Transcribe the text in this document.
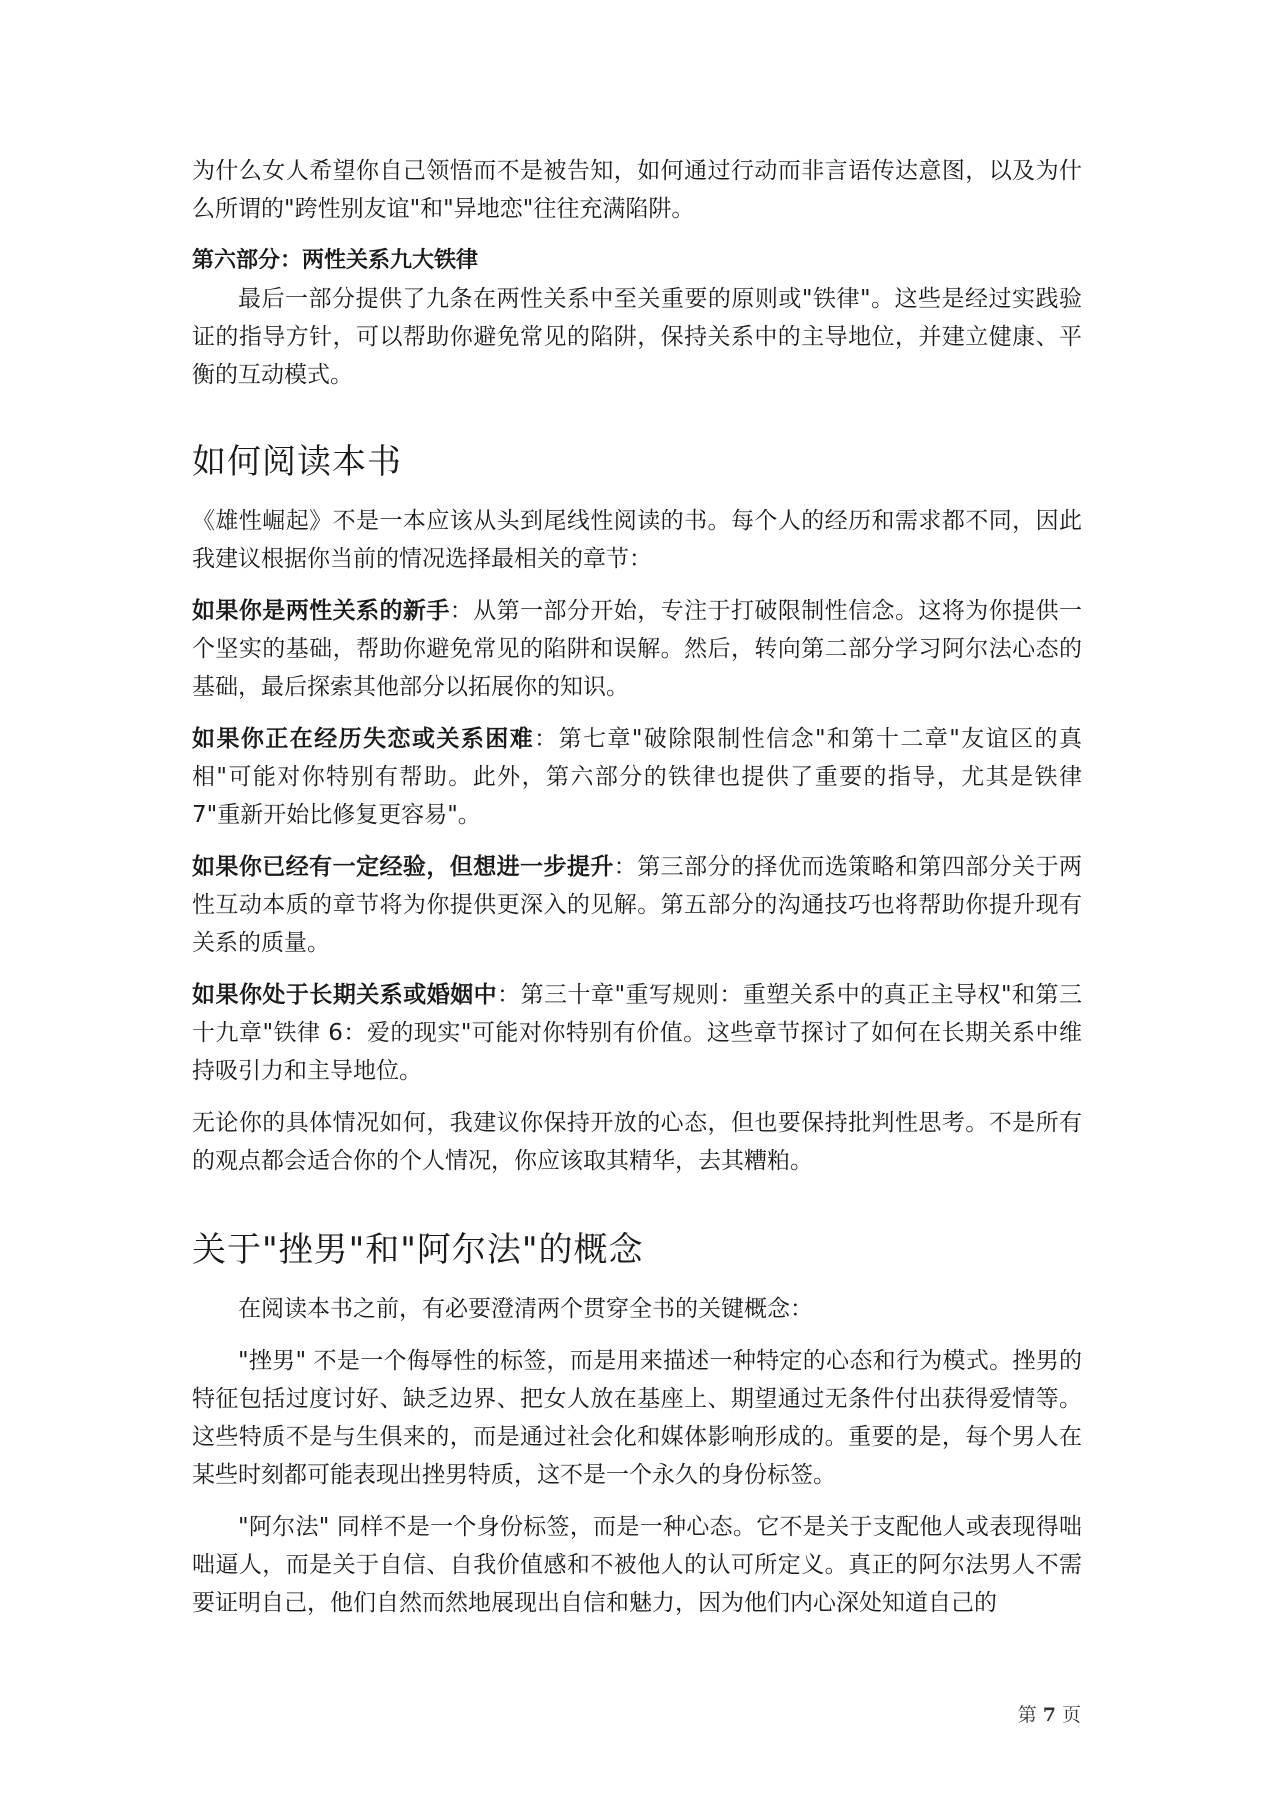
为什么女人希望你自己领悟而不是被告知，如何通过行动而非言语传达意图，以及为什么所谓的"跨性别友谊"和"异地恋"往往充满陷阱。

第六部分：两性关系九大铁律

最后一部分提供了九条在两性关系中至关重要的原则或"铁律"。这些是经过实践验证的指导方针，可以帮助你避免常见的陷阱，保持关系中的主导地位，并建立健康、平衡的互动模式。

如何阅读本书

《雄性崛起》不是一本应该从头到尾线性阅读的书。每个人的经历和需求都不同，因此我建议根据你当前的情况选择最相关的章节：

如果你是两性关系的新手：从第一部分开始，专注于打破限制性信念。这将为你提供一个坚实的基础，帮助你避免常见的陷阱和误解。然后，转向第二部分学习阿尔法心态的基础，最后探索其他部分以拓展你的知识。

如果你正在经历失恋或关系困难：第七章"破除限制性信念"和第十二章"友谊区的真相"可能对你特别有帮助。此外，第六部分的铁律也提供了重要的指导，尤其是铁律 7"重新开始比修复更容易"。

如果你已经有一定经验，但想进一步提升：第三部分的择优而选策略和第四部分关于两性互动本质的章节将为你提供更深入的见解。第五部分的沟通技巧也将帮助你提升现有关系的质量。

如果你处于长期关系或婚姻中：第三十章"重写规则：重塑关系中的真正主导权"和第三十九章"铁律 6：爱的现实"可能对你特别有价值。这些章节探讨了如何在长期关系中维持吸引力和主导地位。

无论你的具体情况如何，我建议你保持开放的心态，但也要保持批判性思考。不是所有的观点都会适合你的个人情况，你应该取其精华，去其糟粕。

关于"挫男"和"阿尔法"的概念

在阅读本书之前，有必要澄清两个贯穿全书的关键概念：

"挫男" 不是一个侮辱性的标签，而是用来描述一种特定的心态和行为模式。挫男的特征包括过度讨好、缺乏边界、把女人放在基座上、期望通过无条件付出获得爱情等。这些特质不是与生俱来的，而是通过社会化和媒体影响形成的。重要的是，每个男人在某些时刻都可能表现出挫男特质，这不是一个永久的身份标签。

"阿尔法" 同样不是一个身份标签，而是一种心态。它不是关于支配他人或表现得咄咄逼人，而是关于自信、自我价值感和不被他人的认可所定义。真正的阿尔法男人不需要证明自己，他们自然而然地展现出自信和魅力，因为他们内心深处知道自己的

第 7 页
